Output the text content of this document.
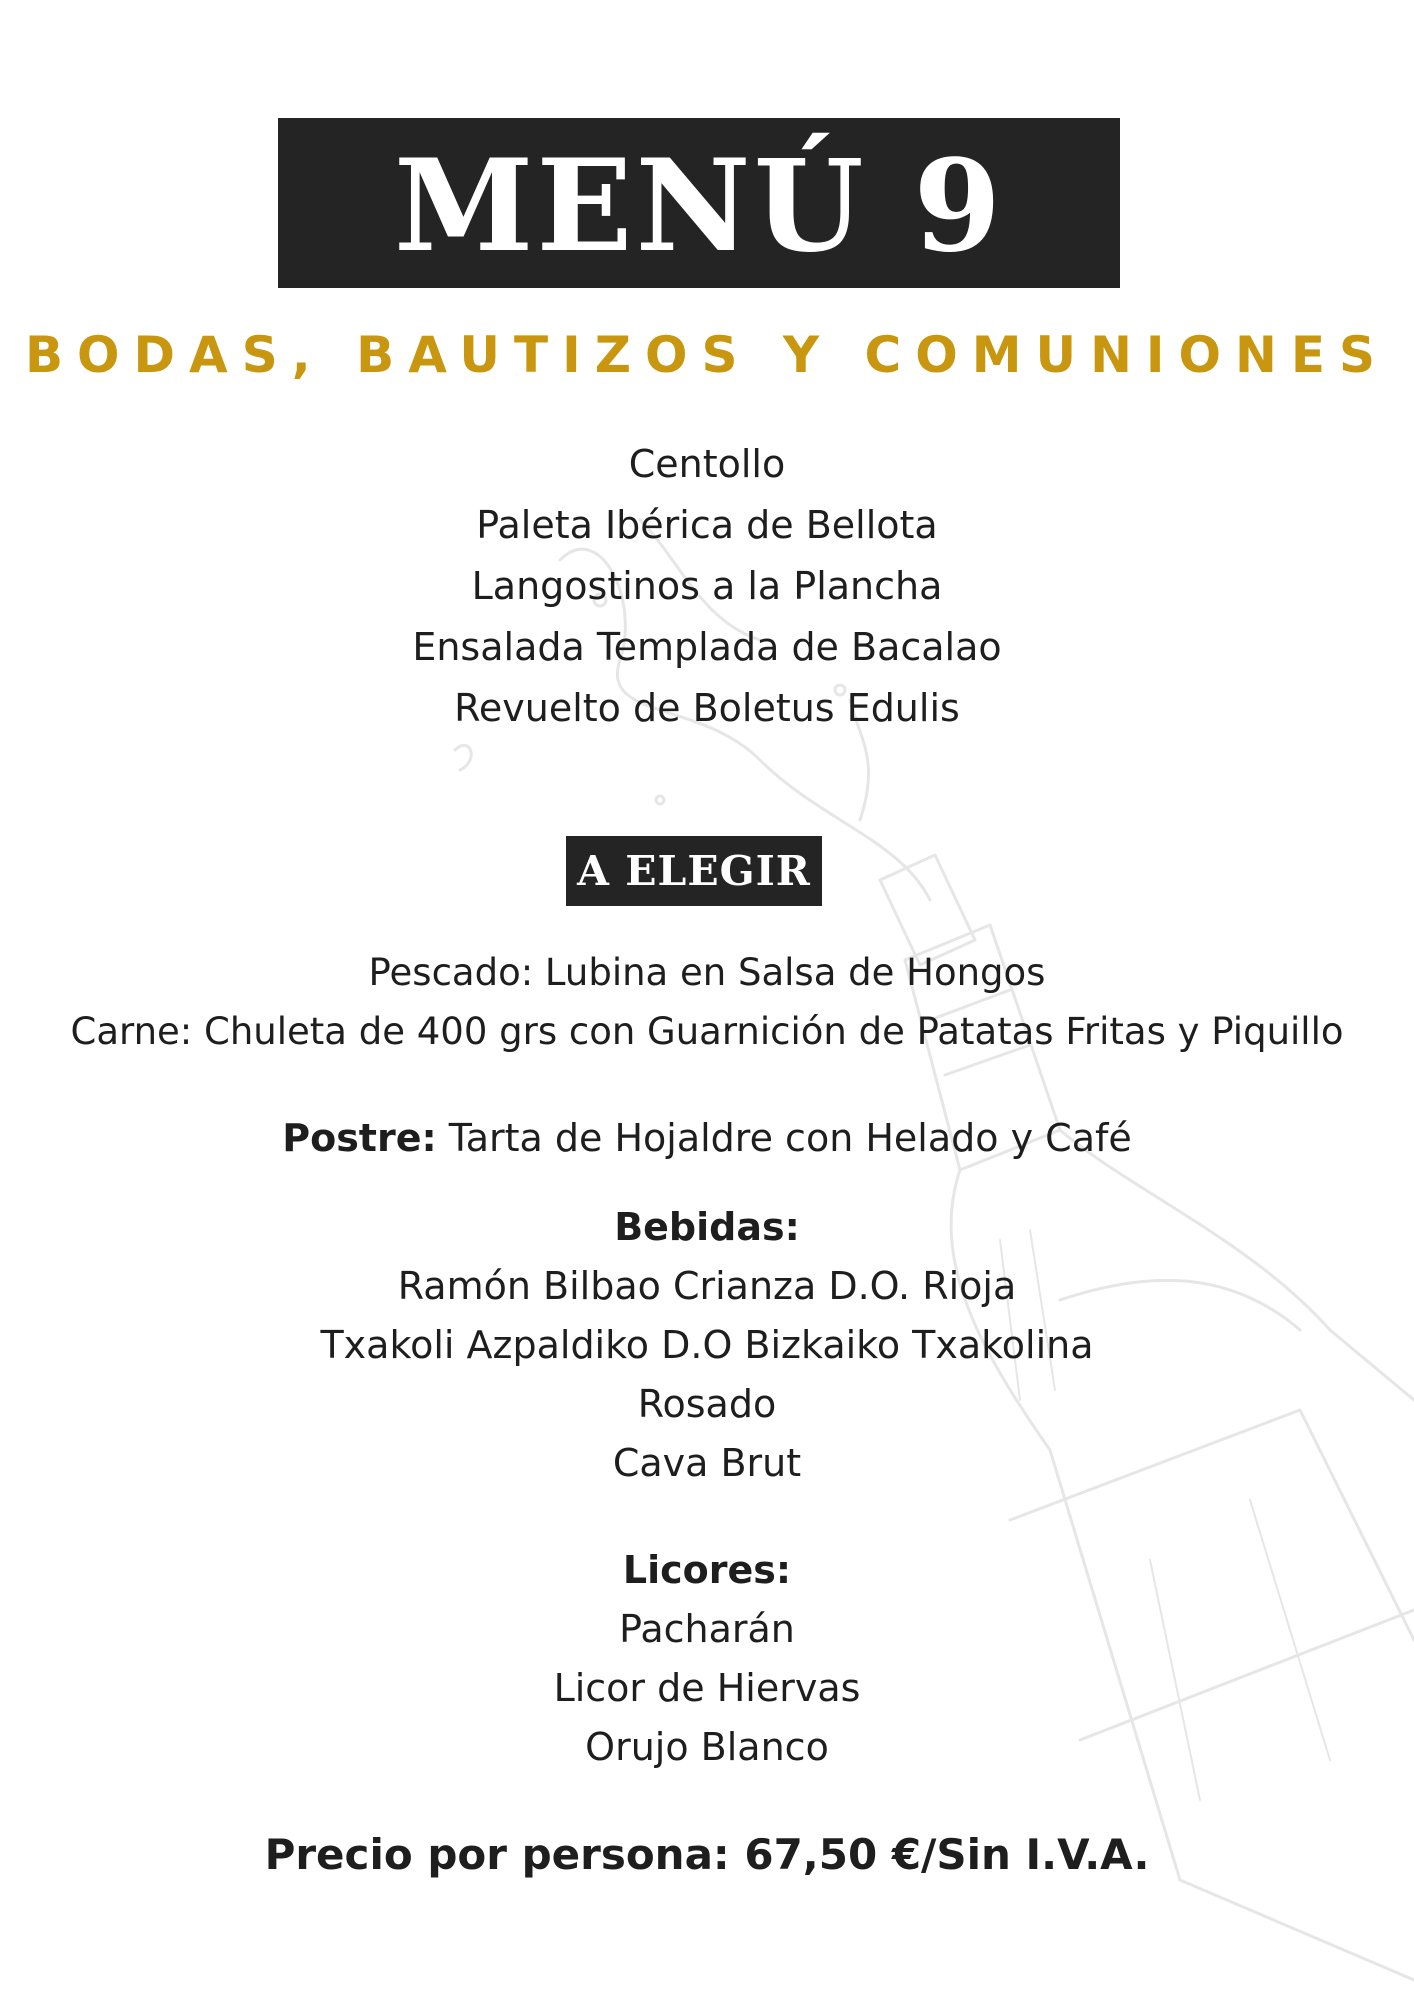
MENÚ 9
BODAS, BAUTIZOS Y COMUNIONES
Centollo
Paleta Ibérica de Bellota
Langostinos a la Plancha
Ensalada Templada de Bacalao
Revuelto de Boletus Edulis
A ELEGIR
Pescado: Lubina en Salsa de Hongos
Carne: Chuleta de 400 grs con Guarnición de Patatas Fritas y Piquillo
Postre: Tarta de Hojaldre con Helado y Café
Bebidas:
Ramón Bilbao Crianza D.O. Rioja
Txakoli Azpaldiko D.O Bizkaiko Txakolina
Rosado
Cava Brut
Licores:
Pacharán
Licor de Hiervas
Orujo Blanco
Precio por persona: 67,50 €/Sin I.V.A.
